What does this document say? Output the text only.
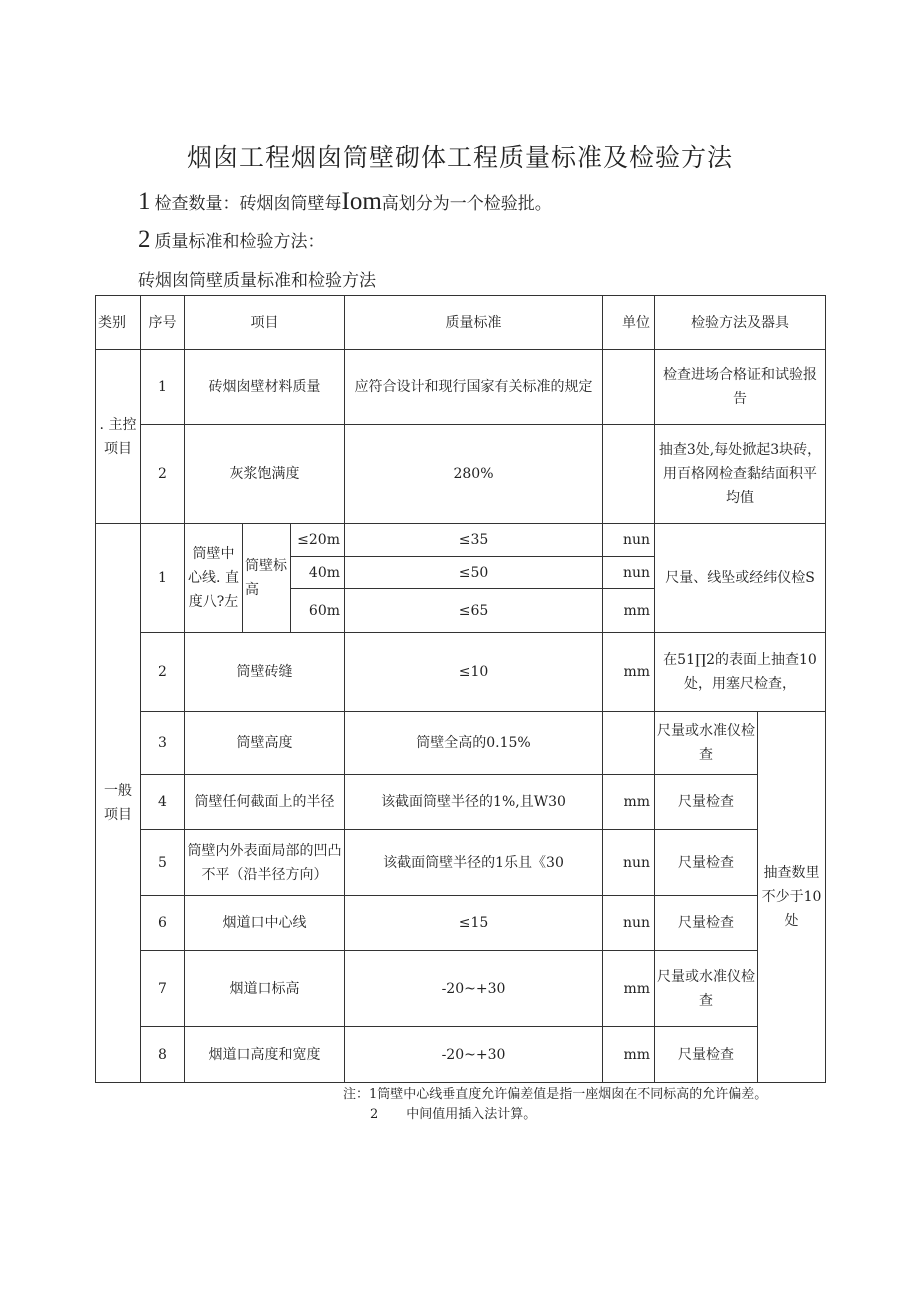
烟囱工程烟囱筒壁砌体工程质量标准及检验方法
1 检查数量：砖烟囱筒壁每Iom高划分为一个检验批。
2 质量标准和检验方法：
砖烟囱筒壁质量标准和检验方法
类别	序号	项目			质量标准	单位	检验方法及器具	
. 主控项目	1	砖烟囱壁材料质量			应符合设计和现行国家有关标准的规定		检查进场合格证和试验报告	
	2	灰浆饱满度			280%		抽查3处,每处掀起3块砖，用百格网检查黏结面积平均值	
一般项目	1	筒壁中心线. 直度八?左	筒壁标高	≤20m	≤35	nun	尺量、线坠或经纬仪检S	
				40m	≤50	nun		
				60m	≤65	mm		
	2	筒壁砖缝			≤10	mm	在51∏2的表面上抽查10处，用塞尺检查，	
	3	筒壁高度			筒壁全高的0.15%		尺量或水准仪检查	抽查数里不少于10处
	4	筒壁任何截面上的半径			该截面筒壁半径的1%,且W30	mm	尺量检查	
	5	筒壁内外表面局部的凹凸不平（沿半径方向）			该截面筒壁半径的1乐且《30	nun	尺量检查	
	6	烟道口中心线			≤15	nun	尺量检查	
	7	烟道口标高			-20~+30	mm	尺量或水准仪检查	
	8	烟道口高度和宽度			-20~+30	mm	尺量检查	
注：1筒壁中心线垂直度允许偏差值是指一座烟囱在不同标高的允许偏差。
2 中间值用插入法计算。
